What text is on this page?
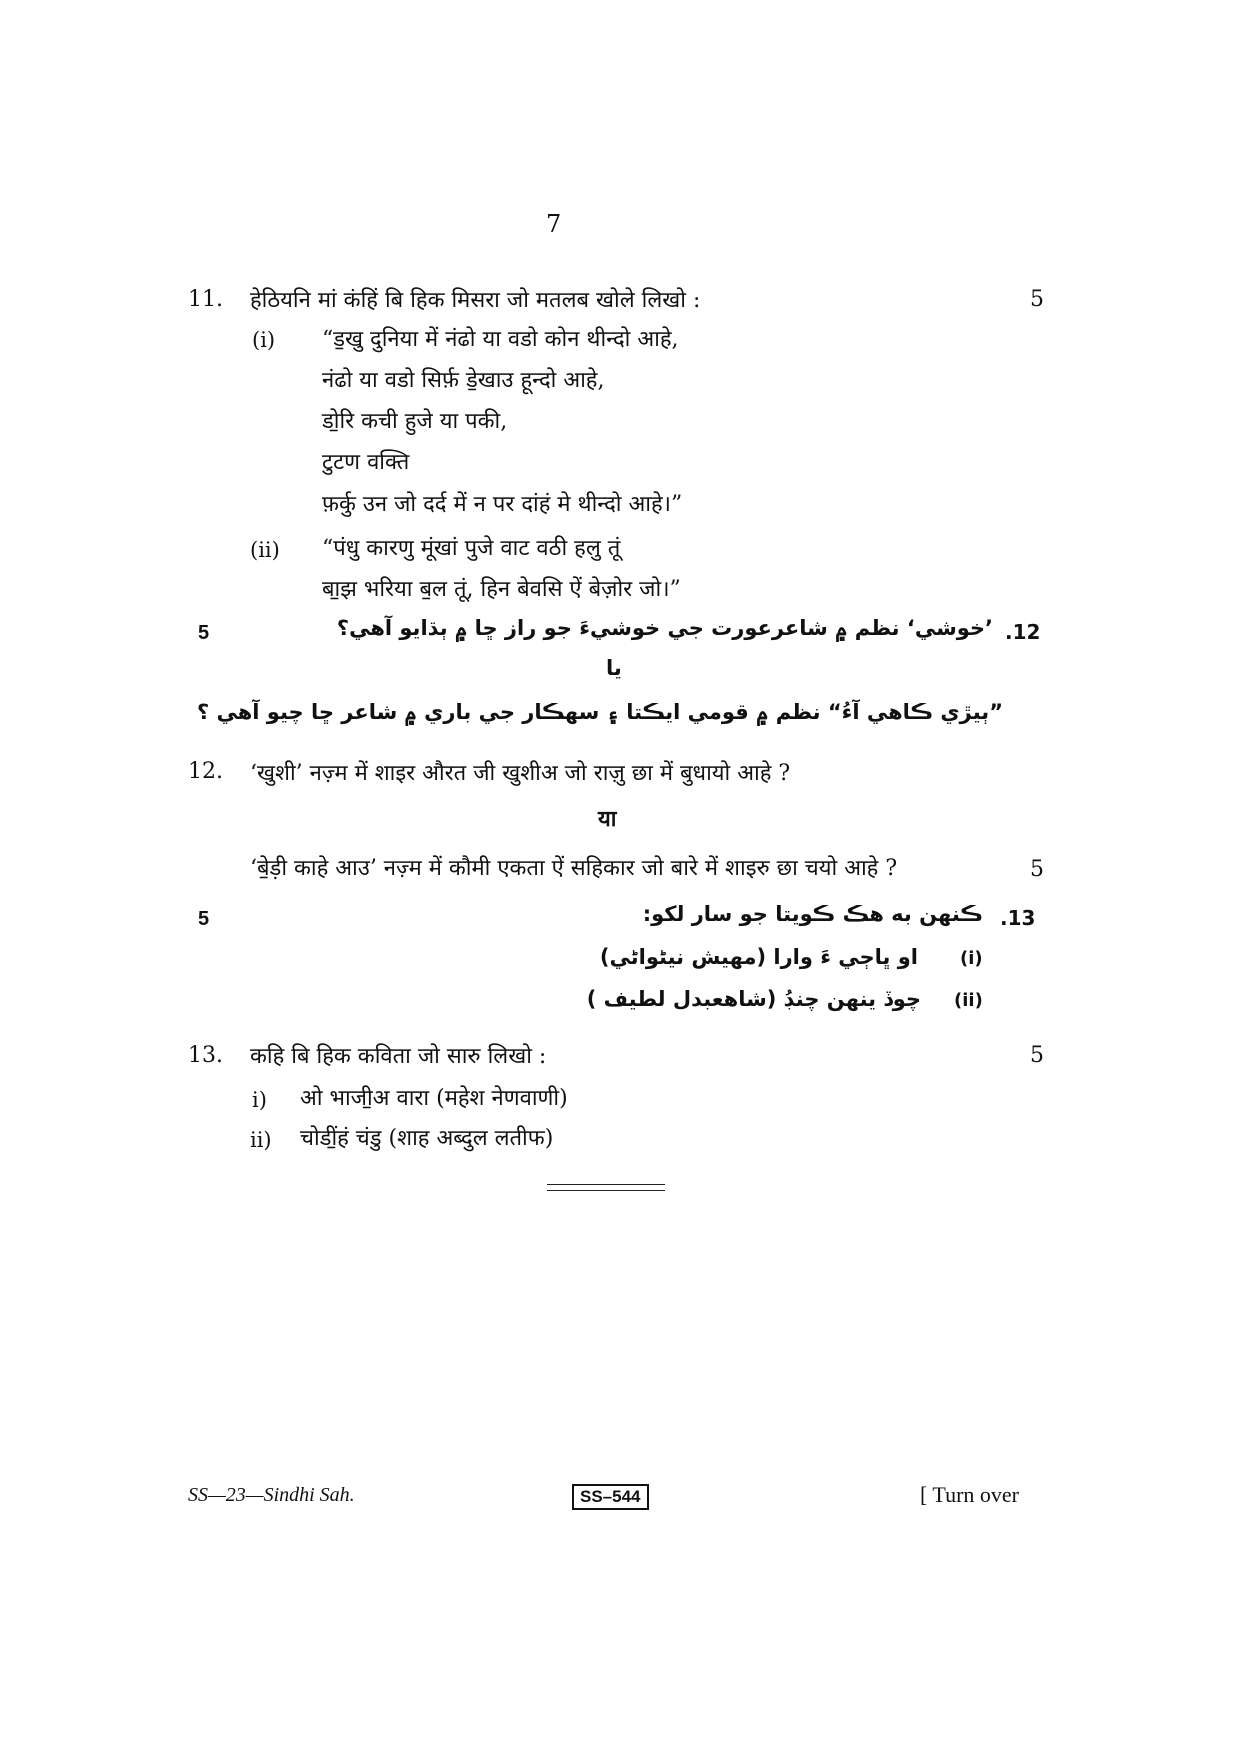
7
11. हेठियनि मां कंहिं बि हिक मिसरा जो मतलब खोले लिखो :	5
(i) “ड॒खु दुनिया में नंढो या वडो कोन थीन्दो आहे,
नंढो या वडो सिर्फ़ डे॒खाउ हून्दो आहे,
डो॒रि कची हुजे या पकी,
टुटण वक्ति
फ़र्कु उन जो दर्द में न पर दांहं मे थीन्दो आहे।”
(ii) “पंधु कारणु मूंखां पुजे वाट वठी हलु तूं
बा॒झ भरिया ब॒ल तूं, हिन बेवसि ऐं बेज़ोर जो।”
5	.12
’خوشي‘ نظم ۾ شاعرعورت جي خوشيءَ جو راز ڇا ۾ ٻڌايو آهي؟
يا
”ٻيڙي ڪاهي آءُ“ نظم ۾ قومي ايڪتا ۽ سهڪار جي باري ۾ شاعر ڇا چيو آهي ؟
12. ‘खुशी’ नज़्म में शाइर औरत जी खुशीअ जो राज़ु छा में बुधायो आहे ?
या
‘बे॒ड़ी काहे आउ’ नज़्म में कौमी एकता ऐं सहिकार जो बारे में शाइरु छा चयो आहे ?	5
5	.13
ڪنهن به هڪ ڪويتا جو سار لکو:
(i)
او ڀاڄي ءَ وارا (مهيش نيڻواڻي)
(ii)
چوڏ ينهن چنڊُ (شاهعبدل لطيف )
13. कहि बि हिक कविता जो सारु लिखो :	5
i) ओ भाजी॒अ वारा (महेश नेणवाणी)
ii) चोडीं॒हं चंडु (शाह अब्दुल लतीफ)
SS—23—Sindhi Sah.	SS–544	[ Turn over
